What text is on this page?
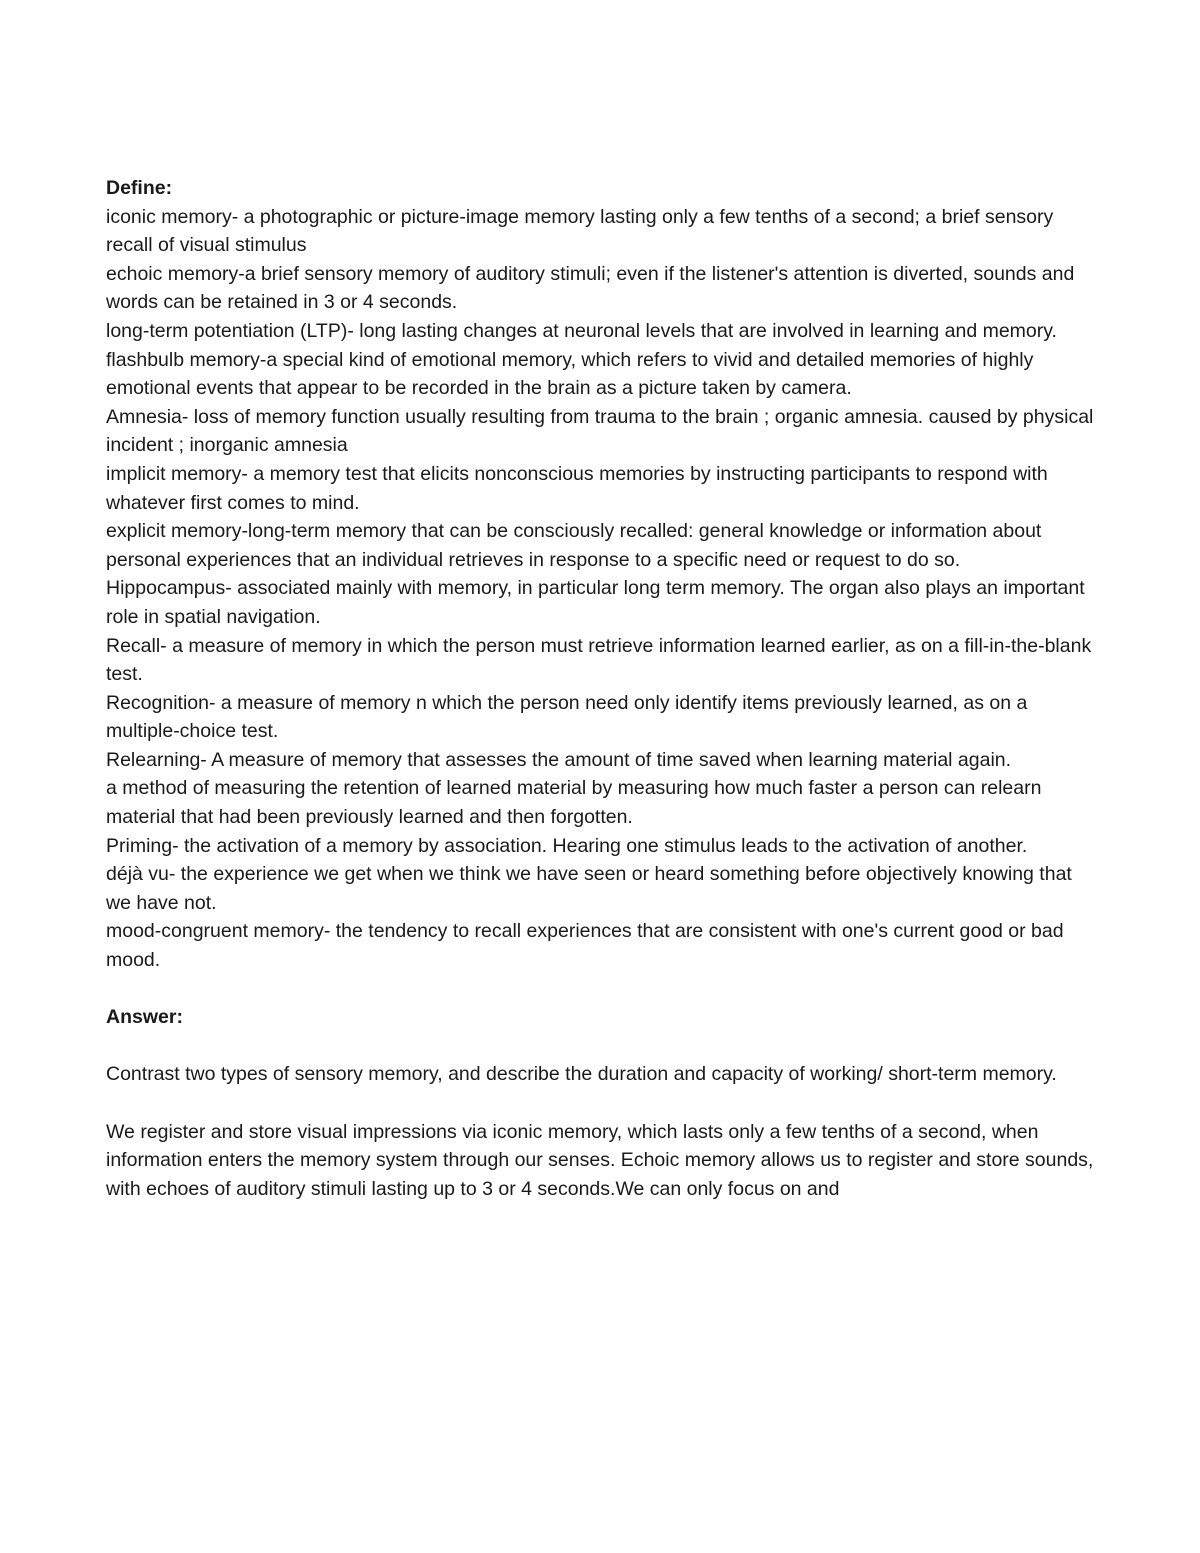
Define:

iconic memory- a photographic or picture-image memory lasting only a few tenths of a second; a brief sensory recall of visual stimulus

echoic memory-a brief sensory memory of auditory stimuli; even if the listener's attention is diverted, sounds and words can be retained in 3 or 4 seconds.

long-term potentiation (LTP)- long lasting changes at neuronal levels that are involved in learning and memory.

flashbulb memory-a special kind of emotional memory, which refers to vivid and detailed memories of highly emotional events that appear to be recorded in the brain as a picture taken by camera.

Amnesia- loss of memory function usually resulting from trauma to the brain ; organic amnesia. caused by physical incident ; inorganic amnesia

implicit memory- a memory test that elicits nonconscious memories by instructing participants to respond with whatever first comes to mind.

explicit memory-long-term memory that can be consciously recalled: general knowledge or information about personal experiences that an individual retrieves in response to a specific need or request to do so.

Hippocampus- associated mainly with memory, in particular long term memory. The organ also plays an important role in spatial navigation.

Recall- a measure of memory in which the person must retrieve information learned earlier, as on a fill-in-the-blank test.

Recognition- a measure of memory n which the person need only identify items previously learned, as on a multiple-choice test.

Relearning- A measure of memory that assesses the amount of time saved when learning material again.

a method of measuring the retention of learned material by measuring how much faster a person can relearn material that had been previously learned and then forgotten.

Priming- the activation of a memory by association. Hearing one stimulus leads to the activation of another.

déjà vu- the experience we get when we think we have seen or heard something before objectively knowing that we have not.

mood-congruent memory- the tendency to recall experiences that are consistent with one's current good or bad mood.

Answer:

Contrast two types of sensory memory, and describe the duration and capacity of working/ short-term memory.

We register and store visual impressions via iconic memory, which lasts only a few tenths of a second, when information enters the memory system through our senses. Echoic memory allows us to register and store sounds, with echoes of auditory stimuli lasting up to 3 or 4 seconds.We can only focus on and
